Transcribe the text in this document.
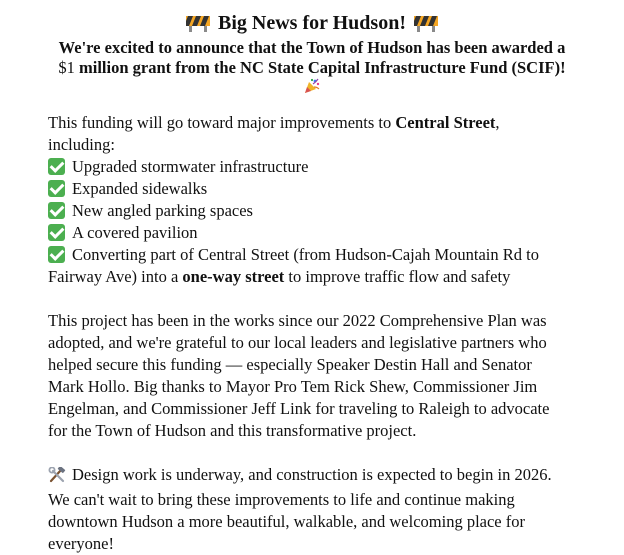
Big News for Hudson!
We're excited to announce that the Town of Hudson has been awarded a
$1 million grant from the NC State Capital Infrastructure Fund (SCIF)!

This funding will go toward major improvements to Central Street,
including:

Upgraded stormwater infrastructure
Expanded sidewalks
New angled parking spaces
A covered pavilion
Converting part of Central Street (from Hudson-Cajah Mountain Rd to
Fairway Ave) into a one-way street to improve traffic flow and safety

This project has been in the works since our 2022 Comprehensive Plan was
adopted, and we're grateful to our local leaders and legislative partners who
helped secure this funding — especially Speaker Destin Hall and Senator
Mark Hollo. Big thanks to Mayor Pro Tem Rick Shew, Commissioner Jim
Engelman, and Commissioner Jeff Link for traveling to Raleigh to advocate
for the Town of Hudson and this transformative project.

Design work is underway, and construction is expected to begin in 2026.
We can't wait to bring these improvements to life and continue making
downtown Hudson a more beautiful, walkable, and welcoming place for
everyone!
